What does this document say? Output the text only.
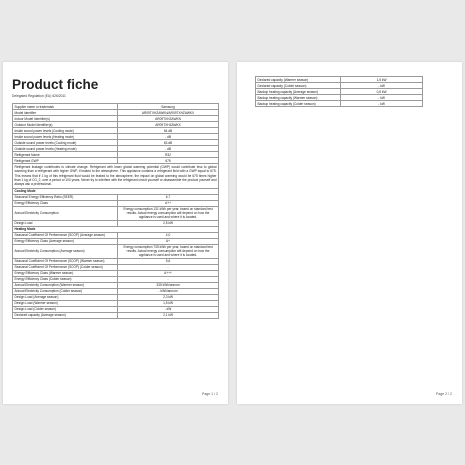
Product fiche
Delegated Regulation (EU) 626/2011
Supplier name or trademark	Samsung
Model identifier	AR09TXHZAWKN/AR09TXHZAWKX
Indoor Model Identifier(s)	AR09TXHZAWKN
Outdoor Model Identifier(s)	AR09TXHZAWKX
Inside sound power levels (Cooling mode)	54 dB
Inside sound power levels (Heating mode)	- dB
Outside sound power levels (Cooling mode)	63 dB
Outside sound power levels (Heating mode)	- dB
Refrigerant Name	R32
Refrigerant GWP	675
Refrigerant leakage contributes to climate change. Refrigerant with lower global warming potential (GWP) would contribute less to global warming than a refrigerant with higher GWP, if leaked to the atmosphere. This appliance contains a refrigerant fluid with a GWP equal to 675. This means that if 1 kg of this refrigerant fluid would be leaked to the atmosphere, the impact on global warming would be 675 times higher than 1 kg of CO_2, over a period of 100 years. Never try to interfere with the refrigerant circuit yourself or disassemble the product yourself and always ask a professional.	
Cooling Mode	
Seasonal Energy Efficiency Ratio (SEER)	6,7
Energy Efficiency Class	A++
Annual Electricity Consumption	Energy consumption 131 kWh per year, based on standard test results. Actual energy consumption will depend on how the appliance is used and where it is located.
Design Load	2,5 kW
Heating Mode	
Seasonal Coefficient Of Performance (SCOP) (Average season)	4,0
Energy Efficiency Class (Average season)	A+
Annual Electricity Consumption (Average season)	Energy consumption 735 kWh per year, based on standard test results. Actual energy consumption will depend on how the appliance is used and where it is located.
Seasonal Coefficient Of Performance (SCOP) (Warmer season)	5,6
Seasonal Coefficient Of Performance (SCOP) (Colder season)	-
Energy Efficiency Class (Warmer season)	A+++
Energy Efficiency Class (Colder season)	-
Annual Electricity Consumption (Warmer season)	335 kWh/annum
Annual Electricity Consumption (Colder season)	- kWh/annum
Design Load (Average season)	2,3 kW
Design Load (Warmer season)	1,5 kW
Design Load (Colder season)	- kW
Declared capacity (Average season)	2,1 kW
Page 1 / 2
Declared capacity (Warmer season)	1,5 kW
Declared capacity (Colder season)	- kW
Backup heating capacity (Average season)	0,6 kW
Backup heating capacity (Warmer season)	- kW
Backup heating capacity (Colder season)	- kW
Page 2 / 2
